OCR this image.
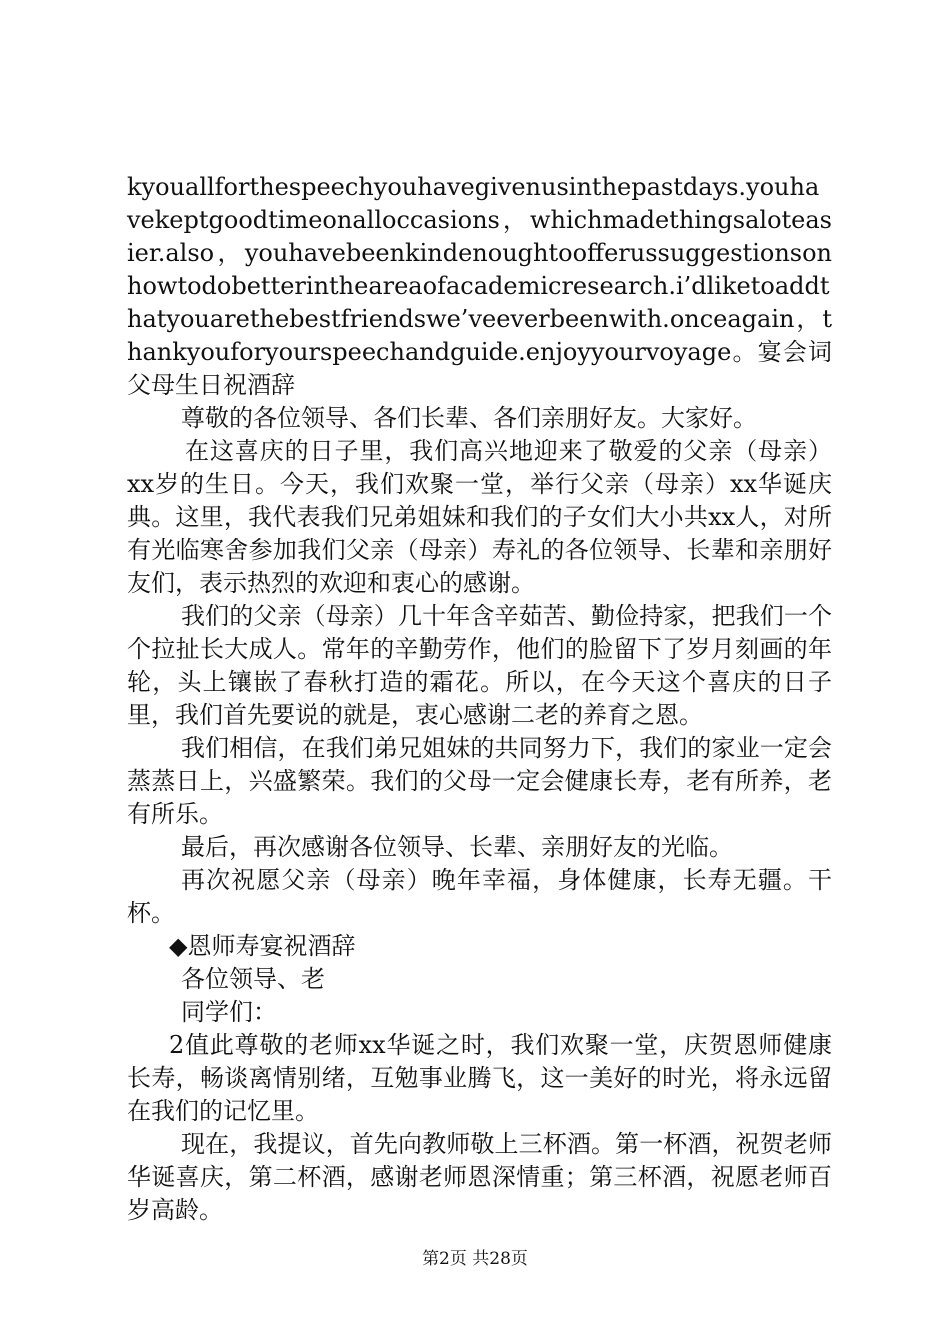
kyouallforthespeechyouhavegivenusinthepastdays.youhavekeptgoodtimeonalloccasions，whichmadethingsaloteasier.also，youhavebeenkindenoughtoofferussuggestionsonhowtodobetterintheareaofacademicresearch.i’dliketoaddthatyouarethebestfriendswe’veeverbeenwith.onceagain，thankyouforyourspeechandguide.enjoyyourvoyage。宴会词父母生日祝酒辞

尊敬的各位领导、各们长辈、各们亲朋好友。大家好。

在这喜庆的日子里，我们高兴地迎来了敬爱的父亲（母亲）xx岁的生日。今天，我们欢聚一堂，举行父亲（母亲）xx华诞庆典。这里，我代表我们兄弟姐妹和我们的子女们大小共xx人，对所有光临寒舍参加我们父亲（母亲）寿礼的各位领导、长辈和亲朋好友们，表示热烈的欢迎和衷心的感谢。

我们的父亲（母亲）几十年含辛茹苦、勤俭持家，把我们一个个拉扯长大成人。常年的辛勤劳作，他们的脸留下了岁月刻画的年轮，头上镶嵌了春秋打造的霜花。所以，在今天这个喜庆的日子里，我们首先要说的就是，衷心感谢二老的养育之恩。

我们相信，在我们弟兄姐妹的共同努力下，我们的家业一定会蒸蒸日上，兴盛繁荣。我们的父母一定会健康长寿，老有所养，老有所乐。

最后，再次感谢各位领导、长辈、亲朋好友的光临。

再次祝愿父亲（母亲）晚年幸福，身体健康，长寿无疆。干杯。

◆恩师寿宴祝酒辞

各位领导、老

同学们：

2值此尊敬的老师xx华诞之时，我们欢聚一堂，庆贺恩师健康长寿，畅谈离情别绪，互勉事业腾飞，这一美好的时光，将永远留在我们的记忆里。

现在，我提议，首先向教师敬上三杯酒。第一杯酒，祝贺老师华诞喜庆，第二杯酒，感谢老师恩深情重；第三杯酒，祝愿老师百岁高龄。

第2页 共28页
